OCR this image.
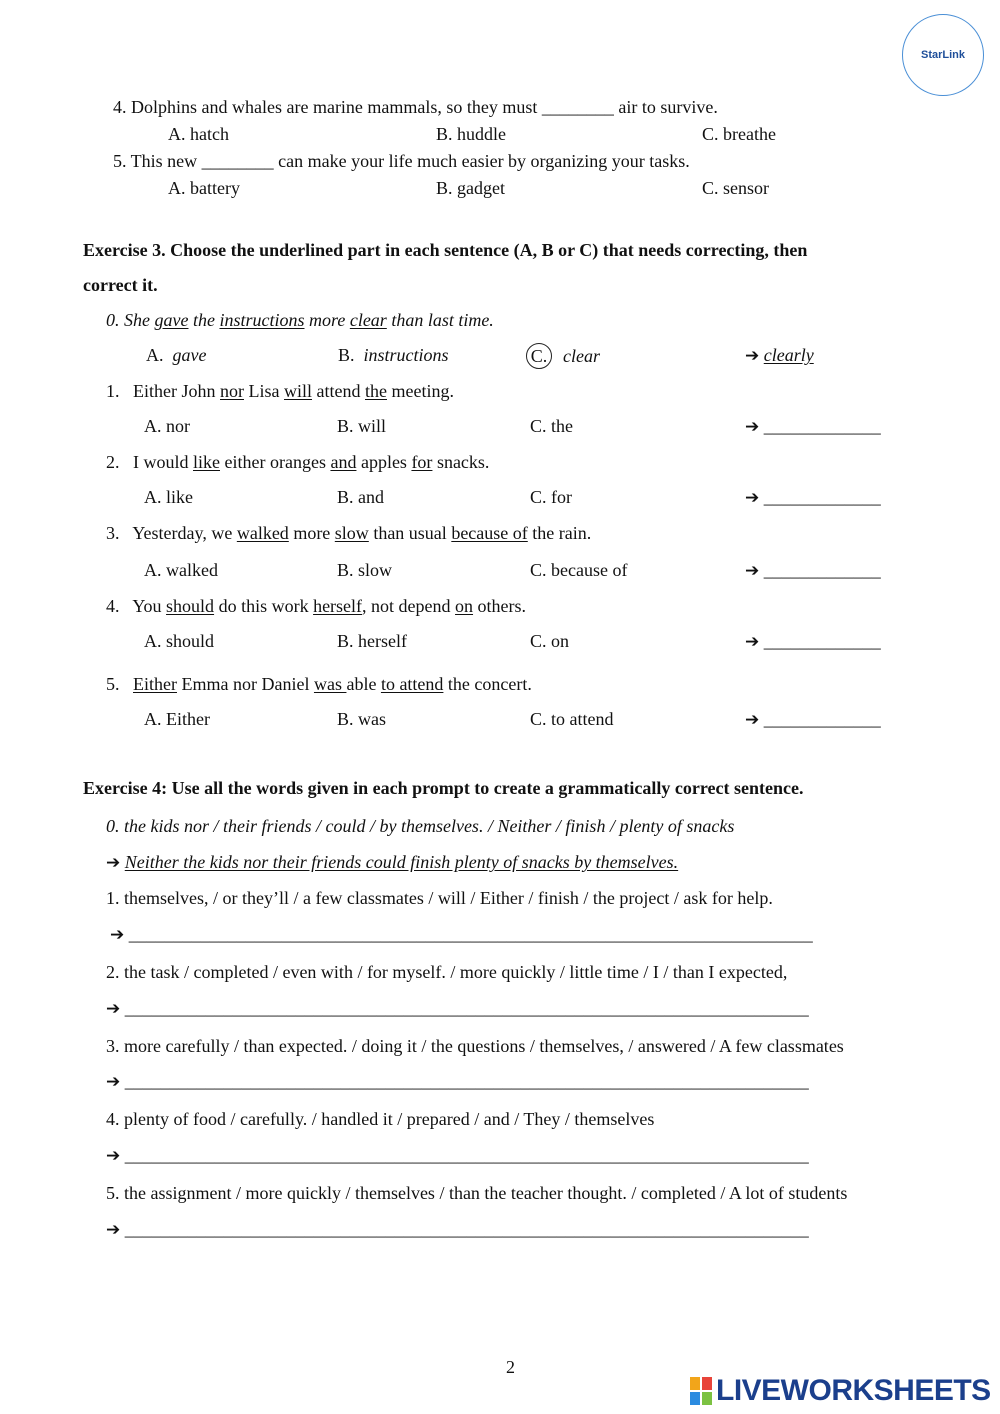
StarLink
4. Dolphins and whales are marine mammals, so they must ________ air to survive.
A. hatch	B. huddle	C. breathe
5. This new ________ can make your life much easier by organizing your tasks.
A. battery	B. gadget	C. sensor
Exercise 3. Choose the underlined part in each sentence (A, B or C) that needs correcting, then
correct it.
0. She gave the instructions more clear than last time.
A. gave	B. instructions	C. clear	➔ clearly
1. Either John nor Lisa will attend the meeting.
A. nor	B. will	C. the	➔ _____________
2. I would like either oranges and apples for snacks.
A. like	B. and	C. for	➔ _____________
3. Yesterday, we walked more slow than usual because of the rain.
A. walked	B. slow	C. because of	➔ _____________
4. You should do this work herself, not depend on others.
A. should	B. herself	C. on	➔ _____________
5. Either Emma nor Daniel was able to attend the concert.
A. Either	B. was	C. to attend	➔ _____________
Exercise 4: Use all the words given in each prompt to create a grammatically correct sentence.
0. the kids nor / their friends / could / by themselves. / Neither / finish / plenty of snacks
➔ Neither the kids nor their friends could finish plenty of snacks by themselves.
1. themselves, / or they’ll / a few classmates / will / Either / finish / the project / ask for help.
➔ ____________________________________________________________________________
2. the task / completed / even with / for myself. / more quickly / little time / I / than I expected,
➔ ____________________________________________________________________________
3. more carefully / than expected. / doing it / the questions / themselves, / answered / A few classmates
➔ ____________________________________________________________________________
4. plenty of food / carefully. / handled it / prepared / and / They / themselves
➔ ____________________________________________________________________________
5. the assignment / more quickly / themselves / than the teacher thought. / completed / A lot of students
➔ ____________________________________________________________________________
2
LIVEWORKSHEETS
